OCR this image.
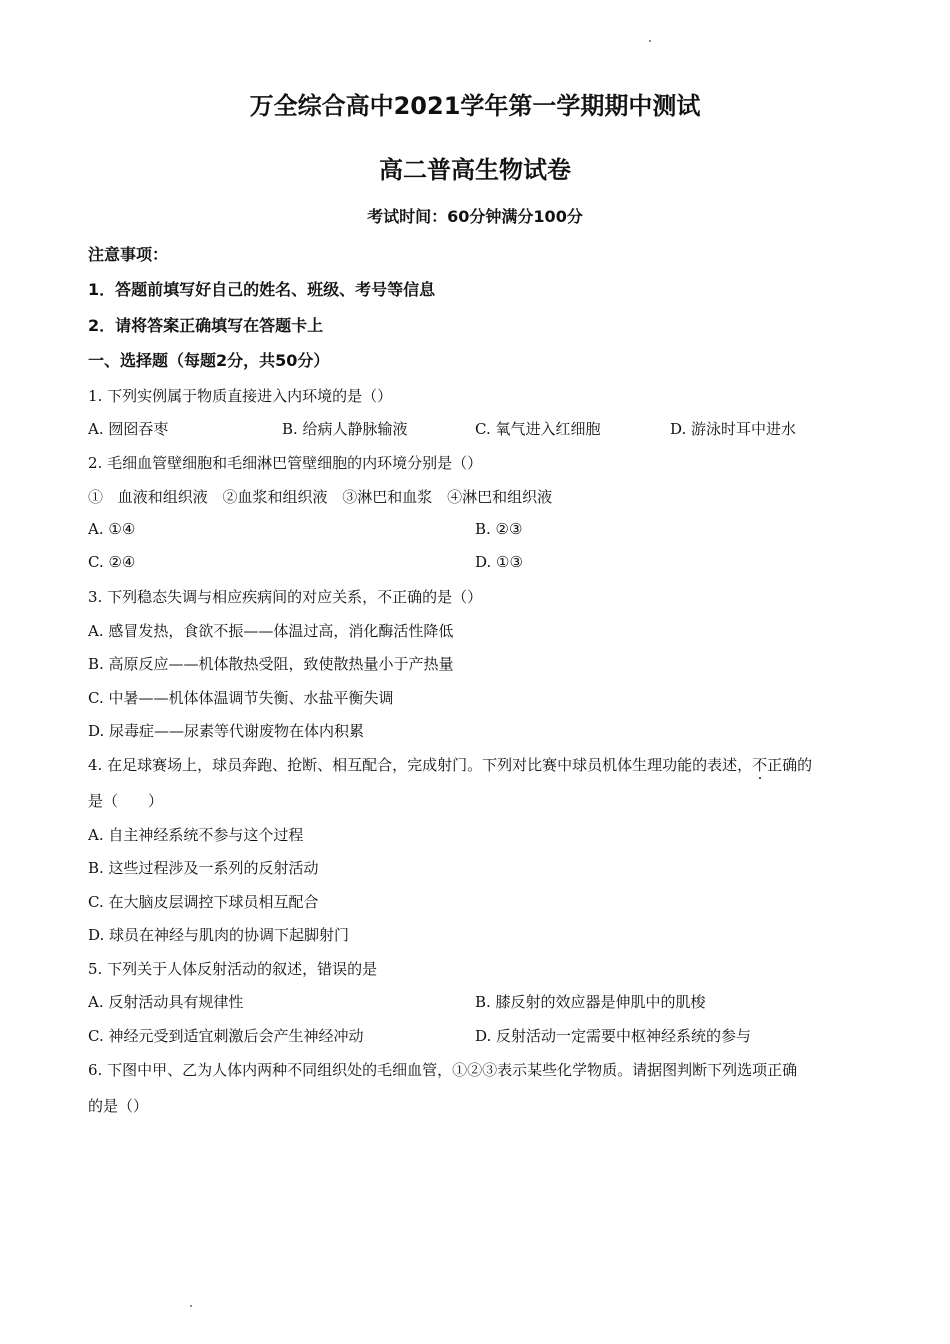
万全综合高中2021学年第一学期期中测试
高二普高生物试卷
考试时间：60分钟满分100分
注意事项：
1．答题前填写好自己的姓名、班级、考号等信息
2．请将答案正确填写在答题卡上
一、选择题（每题2分，共50分）
1. 下列实例属于物质直接进入内环境的是（）
A. 囫囵吞枣	B. 给病人静脉输液	C. 氧气进入红细胞	D. 游泳时耳中进水
2. 毛细血管壁细胞和毛细淋巴管壁细胞的内环境分别是（）
① 血液和组织液 ②血浆和组织液 ③淋巴和血浆 ④淋巴和组织液
A. ①④	B. ②③
C. ②④	D. ①③
3. 下列稳态失调与相应疾病间的对应关系，不正确的是（）
A. 感冒发热，食欲不振——体温过高，消化酶活性降低
B. 高原反应——机体散热受阻，致使散热量小于产热量
C. 中暑——机体体温调节失衡、水盐平衡失调
D. 尿毒症——尿素等代谢废物在体内积累
4. 在足球赛场上，球员奔跑、抢断、相互配合，完成射门。下列对比赛中球员机体生理功能的表述，不正确的
是（　　）
A. 自主神经系统不参与这个过程
B. 这些过程涉及一系列的反射活动
C. 在大脑皮层调控下球员相互配合
D. 球员在神经与肌肉的协调下起脚射门
5. 下列关于人体反射活动的叙述，错误的是
A. 反射活动具有规律性	B. 膝反射的效应器是伸肌中的肌梭
C. 神经元受到适宜刺激后会产生神经冲动	D. 反射活动一定需要中枢神经系统的参与
6. 下图中甲、乙为人体内两种不同组织处的毛细血管，①②③表示某些化学物质。请据图判断下列选项正确
的是（）
